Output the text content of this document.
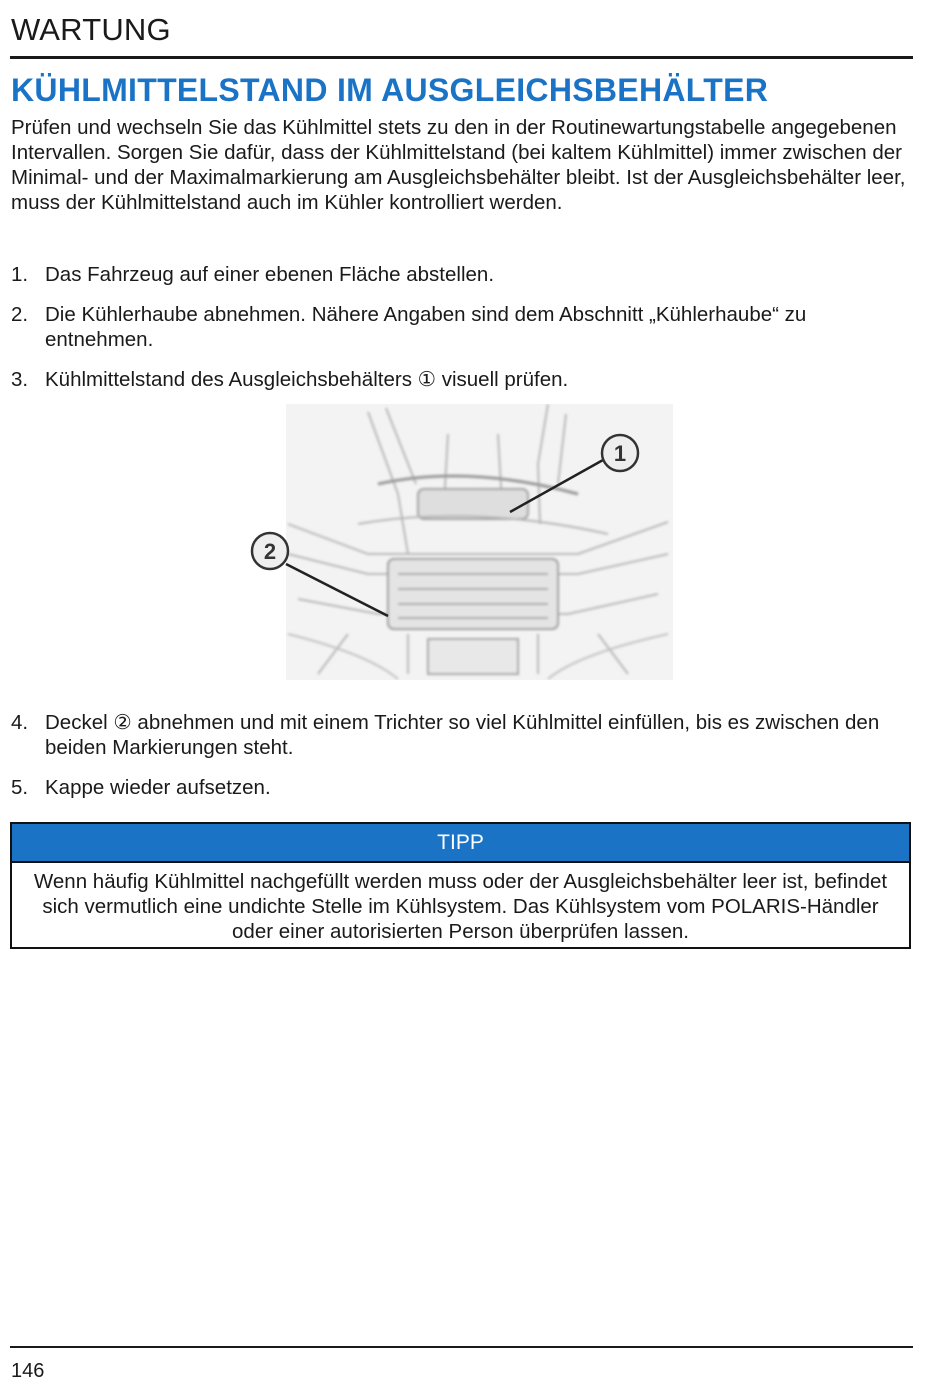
WARTUNG
KÜHLMITTELSTAND IM AUSGLEICHSBEHÄLTER

Prüfen und wechseln Sie das Kühlmittel stets zu den in der Routinewartungstabelle angegebenen Intervallen. Sorgen Sie dafür, dass der Kühlmittelstand (bei kaltem Kühlmittel) immer zwischen der Minimal- und der Maximalmarkierung am Ausgleichsbehälter bleibt. Ist der Ausgleichsbehälter leer, muss der Kühlmittelstand auch im Kühler kontrolliert werden.

1. Das Fahrzeug auf einer ebenen Fläche abstellen.
2. Die Kühlerhaube abnehmen. Nähere Angaben sind dem Abschnitt „Kühlerhaube“ zu entnehmen.
3. Kühlmittelstand des Ausgleichsbehälters ① visuell prüfen.
1
2
4. Deckel ② abnehmen und mit einem Trichter so viel Kühlmittel einfüllen, bis es zwischen den beiden Markierungen steht.
5. Kappe wieder aufsetzen.
TIPP

Wenn häufig Kühlmittel nachgefüllt werden muss oder der Ausgleichsbehälter leer ist, befindet sich vermutlich eine undichte Stelle im Kühlsystem. Das Kühlsystem vom POLARIS-Händler oder einer autorisierten Person überprüfen lassen.

146
